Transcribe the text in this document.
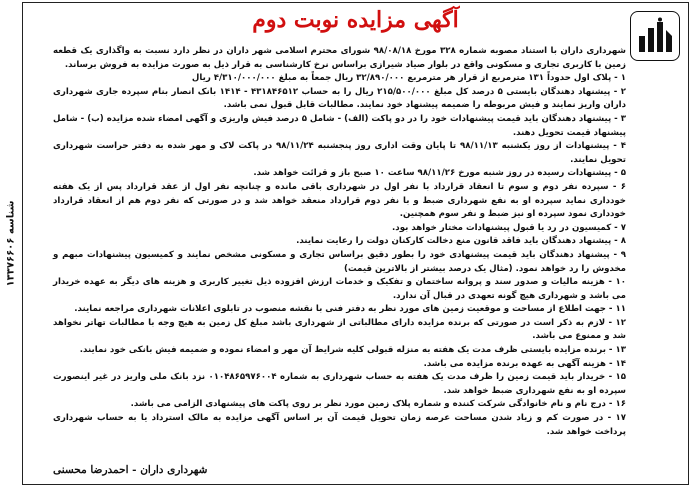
شناسه ۱۳۳۷۶۶۰۶
آگهی مزایده نوبت دوم

شهرداری داران با استناد مصوبه شماره ۳۲۸ مورخ ۹۸/۰۸/۱۸ شورای محترم اسلامی شهر داران در نظر دارد نسبت به واگذاری یک قطعه زمین با کاربری تجاری و مسکونی واقع در بلوار صیاد شیرازی براساس نرخ کارشناسی به قرار ذیل به صورت مزایده به فروش برساند.

۱ - پلاک اول حدوداً ۱۳۱ مترمربع از قرار هر مترمربع ۳۲/۸۹۰/۰۰۰ ریال جمعاً به مبلغ ۴/۳۱۰/۰۰۰/۰۰۰ ریال

۲ - پیشنهاد دهندگان بایستی ۵ درصد کل مبلغ ۲۱۵/۵۰۰/۰۰۰ ریال را به حساب ۴۳۱۸۴۶۵۱۲ - ۱۴۱۴ بانک انصار بنام سپرده جاری شهرداری داران واریز نمایند و فیش مربوطه را ضمیمه پیشنهاد خود نمایند. مطالبات قابل قبول نمی باشد.

۳ - پیشنهاد دهندگان باید قیمت پیشنهادات خود را در دو پاکت (الف) - شامل ۵ درصد فیش واریزی و آگهی امضاء شده مزایده (ب) - شامل پیشنهاد قیمت تحویل دهند.

۴ - پیشنهادات از روز یکشنبه ۹۸/۱۱/۱۳ تا پایان وقت اداری روز پنجشنبه ۹۸/۱۱/۲۴ در پاکت لاک و مهر شده به دفتر حراست شهرداری تحویل نمایند.

۵ - پیشنهادات رسیده در روز شنبه مورخ ۹۸/۱۱/۲۶ ساعت ۱۰ صبح باز و قرائت خواهد شد.

۶ - سپرده نفر دوم و سوم تا انعقاد قرارداد با نفر اول در شهرداری باقی مانده و چنانچه نفر اول از عقد قرارداد پس از یک هفته خودداری نماید سپرده او به نفع شهرداری ضبط و با نفر دوم قرارداد منعقد خواهد شد و در صورتی که نفر دوم هم از انعقاد قرارداد خودداری نمود سپرده او نیز ضبط و نفر سوم همچنین.

۷ - کمیسیون در رد یا قبول پیشنهادات مختار خواهد بود.

۸ - پیشنهاد دهندگان باید فاقد قانون منع دخالت کارکنان دولت را رعایت نمایند.

۹ - پیشنهاد دهندگان باید قیمت پیشنهادی خود را بطور دقیق براساس تجاری و مسکونی مشخص نمایند و کمیسیون پیشنهادات مبهم و مخدوش را رد خواهد نمود. (مثال یک درصد بیشتر از بالاترین قیمت)

۱۰ - هزینه مالیات و صدور سند و پروانه ساختمان و تفکیک و خدمات ارزش افزوده ذیل تغییر کاربری و هزینه های دیگر به عهده خریدار می باشد و شهرداری هیچ گونه تعهدی در قبال آن ندارد.

۱۱ - جهت اطلاع از مساحت و موقعیت زمین های مورد نظر به دفتر فنی با نقشه منصوب در تابلوی اعلانات شهرداری مراجعه نمایند.

۱۲ - لازم به ذکر است در صورتی که برنده مزایده دارای مطالباتی از شهرداری باشد مبلغ کل زمین به هیچ وجه با مطالبات تهاتر نخواهد شد و ممنوع می باشد.

۱۳ - برنده مزایده بایستی ظرف مدت یک هفته به منزله قبولی کلیه شرایط آن مهر و امضاء نموده و ضمیمه فیش بانکی خود نمایند.

۱۴ - هزینه آگهی به عهده برنده مزایده می باشد.

۱۵ - خریدار باید قیمت زمین را ظرف مدت یک هفته به حساب شهرداری به شماره ۰۱۰۴۸۶۵۹۷۶۰۰۴ نزد بانک ملی واریز در غیر اینصورت سپرده او به نفع شهرداری ضبط خواهد شد.

۱۶ - درج نام و نام خانوادگی شرکت کننده و شماره پلاک زمین مورد نظر بر روی پاکت های پیشنهادی الزامی می باشد.

۱۷ - در صورت کم و زیاد شدن مساحت عرصه زمان تحویل قیمت آن بر اساس آگهی مزایده به مالک استرداد یا به حساب شهرداری پرداخت خواهد شد.

شهرداری داران - احمدرضا محسنی
